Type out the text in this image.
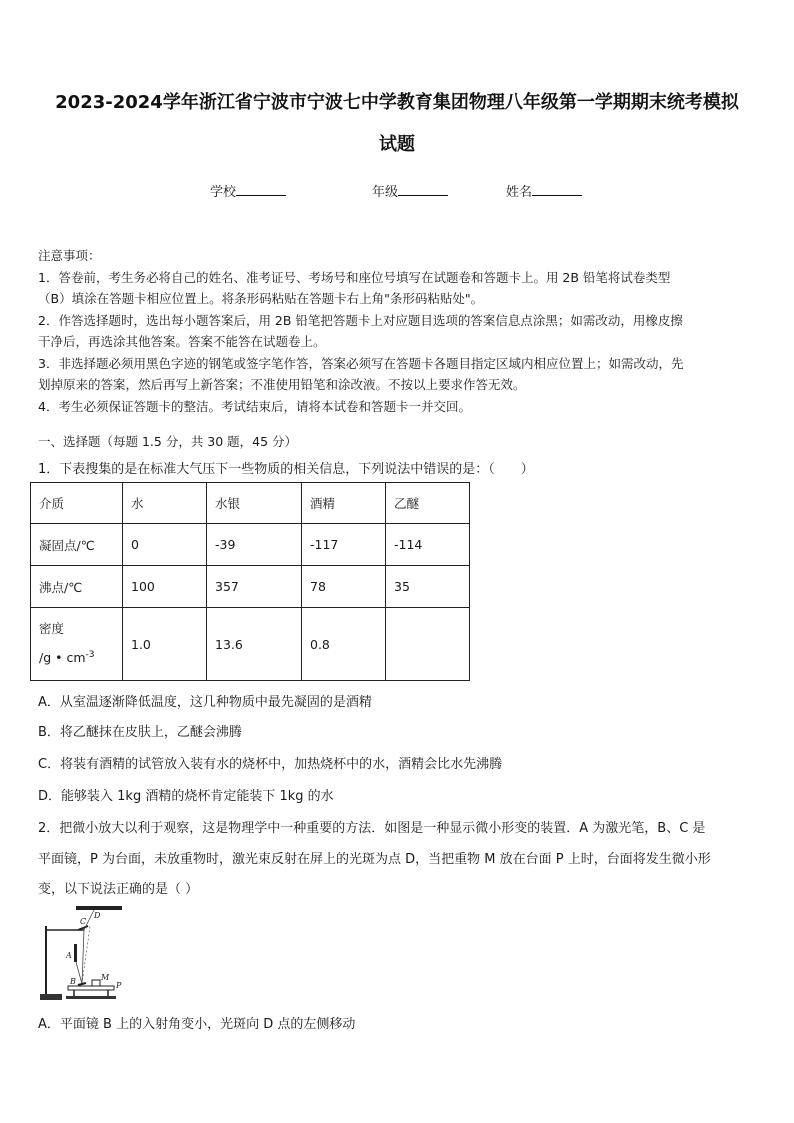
2023-2024学年浙江省宁波市宁波七中学教育集团物理八年级第一学期期末统考模拟
试题
学校	年级	姓名
注意事项：
1．答卷前，考生务必将自己的姓名、准考证号、考场号和座位号填写在试题卷和答题卡上。用 2B 铅笔将试卷类型
（B）填涂在答题卡相应位置上。将条形码粘贴在答题卡右上角"条形码粘贴处"。
2．作答选择题时，选出每小题答案后，用 2B 铅笔把答题卡上对应题目选项的答案信息点涂黑；如需改动，用橡皮擦
干净后，再选涂其他答案。答案不能答在试题卷上。
3．非选择题必须用黑色字迹的钢笔或签字笔作答，答案必须写在答题卡各题目指定区域内相应位置上；如需改动，先
划掉原来的答案，然后再写上新答案；不准使用铅笔和涂改液。不按以上要求作答无效。
4．考生必须保证答题卡的整洁。考试结束后，请将本试卷和答题卡一并交回。
一、选择题（每题 1.5 分，共 30 题，45 分）
1．下表搜集的是在标准大气压下一些物质的相关信息，下列说法中错误的是：（　　）
介质	水	水银	酒精	乙醚
凝固点/℃	0	-39	-117	-114
沸点/℃	100	357	78	35

密度
/g • $cm^{-3}$	1.0	13.6	0.8	
A．从室温逐渐降低温度，这几种物质中最先凝固的是酒精
B．将乙醚抹在皮肤上，乙醚会沸腾
C．将装有酒精的试管放入装有水的烧杯中，加热烧杯中的水，酒精会比水先沸腾
D．能够装入 1kg 酒精的烧杯肯定能装下 1kg 的水
2．把微小放大以利于观察，这是物理学中一种重要的方法．如图是一种显示微小形变的装置．A 为激光笔，B、C 是
平面镜，P 为台面，未放重物时，激光束反射在屏上的光斑为点 D，当把重物 M 放在台面 P 上时，台面将发生微小形
变，以下说法正确的是（ ）
D
C
A
B	M
P
A．平面镜 B 上的入射角变小，光斑向 D 点的左侧移动
